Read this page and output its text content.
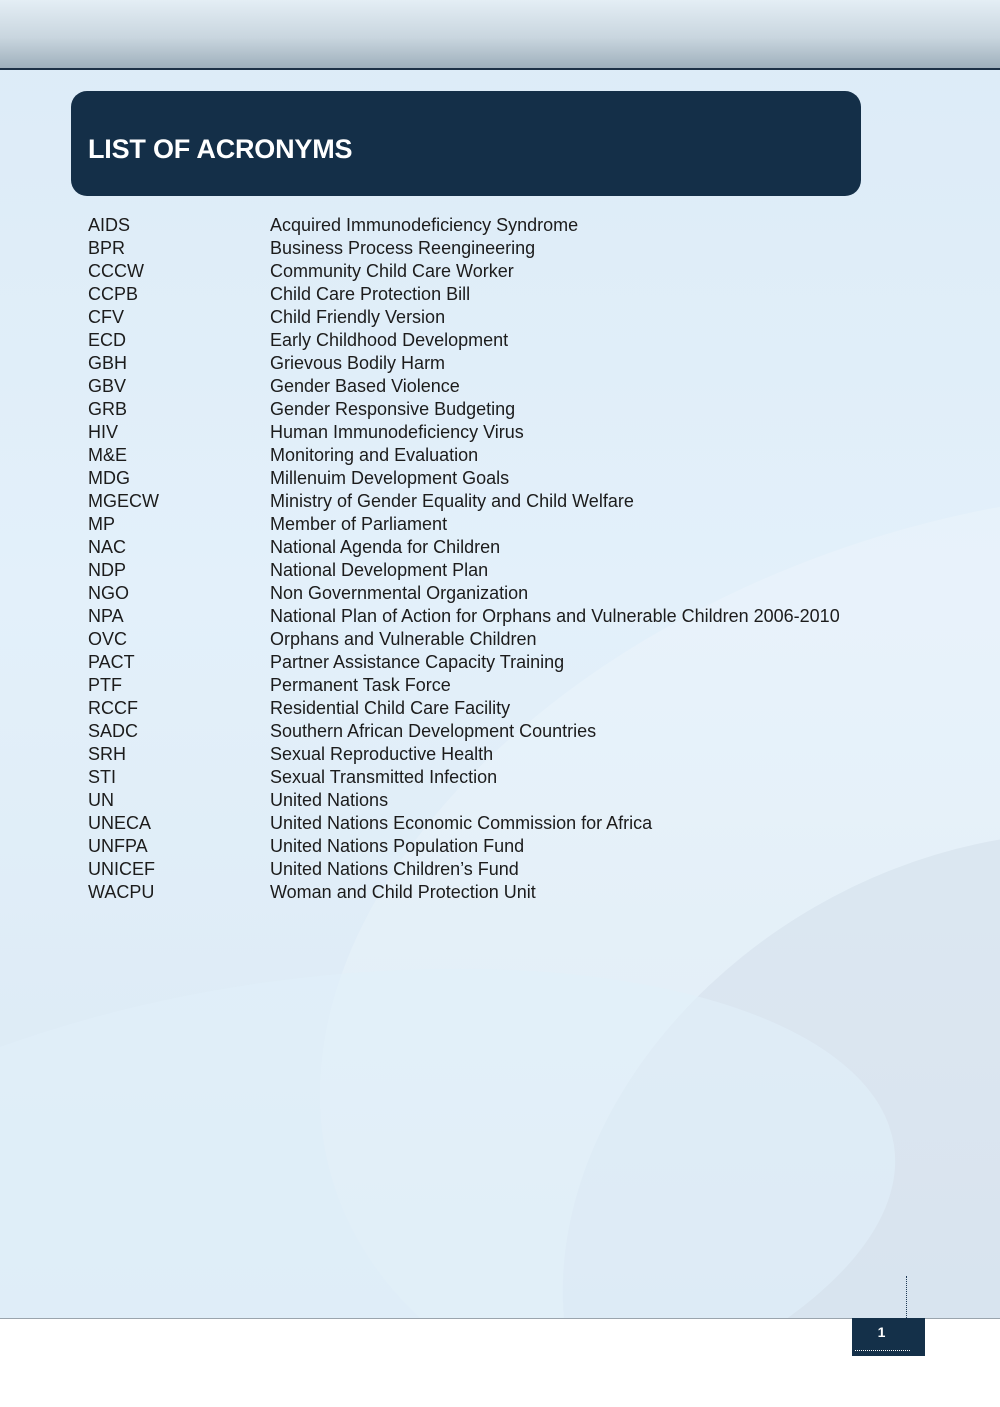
LIST OF ACRONYMS
AIDS	Acquired Immunodeficiency Syndrome
BPR	Business Process Reengineering
CCCW	Community Child Care Worker
CCPB	Child Care Protection Bill
CFV	Child Friendly Version
ECD	Early Childhood Development
GBH	Grievous Bodily Harm
GBV	Gender Based Violence
GRB	Gender Responsive Budgeting
HIV	Human Immunodeficiency Virus
M&E	Monitoring and Evaluation
MDG	Millenuim Development Goals
MGECW	Ministry of Gender Equality and Child Welfare
MP	Member of Parliament
NAC	National Agenda for Children
NDP	National Development Plan
NGO	Non Governmental Organization
NPA	National Plan of Action for Orphans and Vulnerable Children 2006-2010
OVC	Orphans and Vulnerable Children
PACT	Partner Assistance Capacity Training
PTF	Permanent Task Force
RCCF	Residential Child Care Facility
SADC	Southern African Development Countries
SRH	Sexual Reproductive Health
STI	Sexual Transmitted Infection
UN	United Nations
UNECA	United Nations Economic Commission for Africa
UNFPA	United Nations Population Fund
UNICEF	United Nations Children’s Fund
WACPU	Woman and Child Protection Unit
1
